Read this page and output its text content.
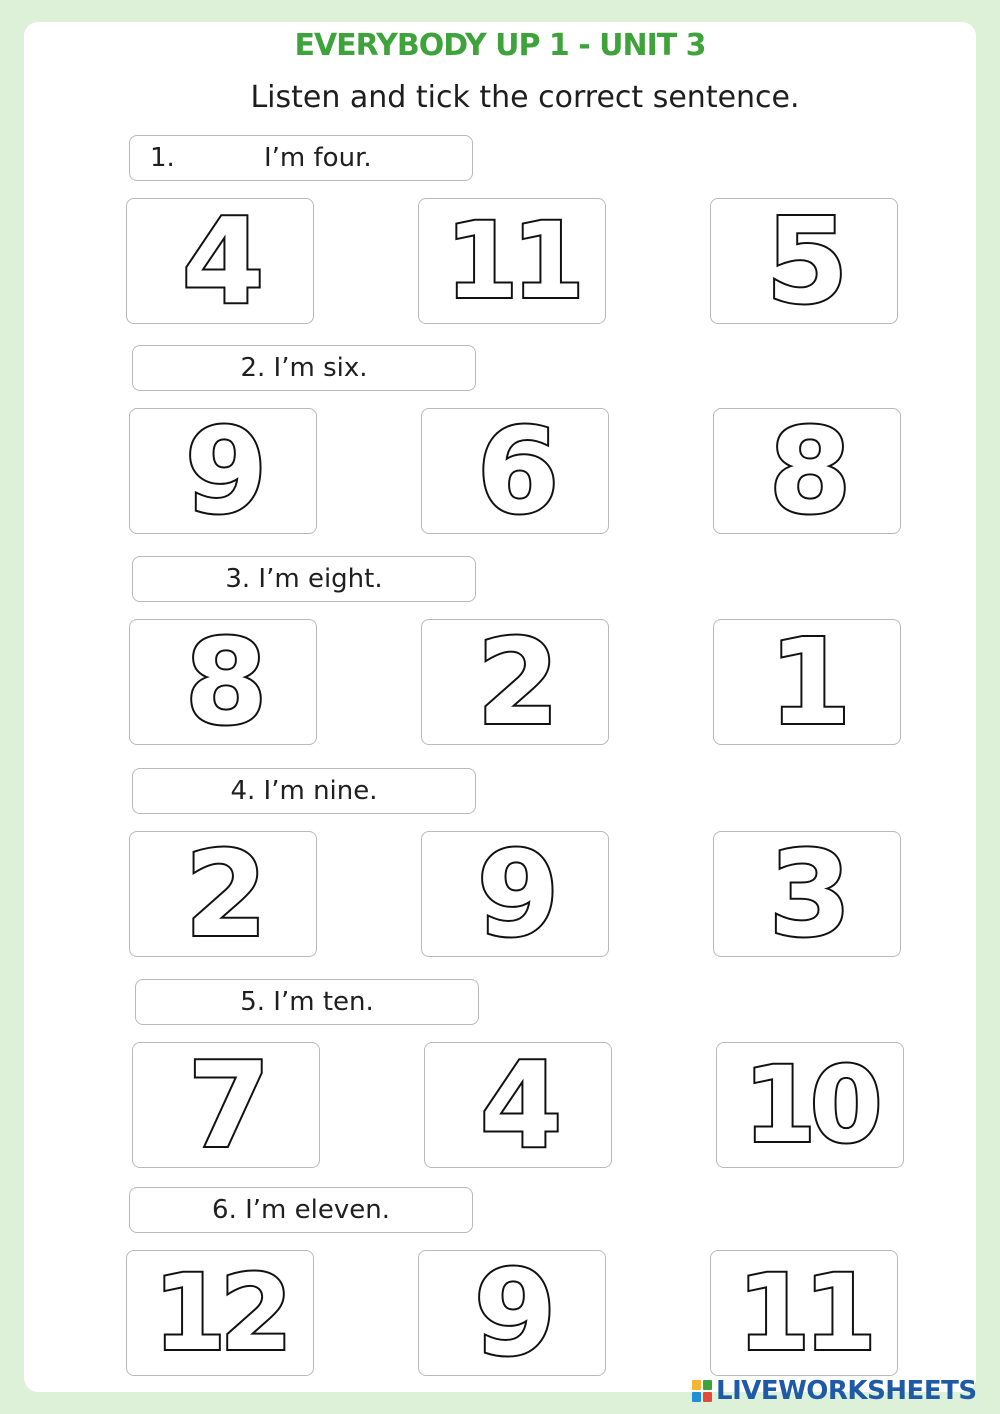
EVERYBODY UP 1 - UNIT 3
Listen and tick the correct sentence.
1.	I’m four.
4 11 5
2. I’m six.
9 6 8
3. I’m eight.
8 2 1
4. I’m nine.
2 9 3
5. I’m ten.
7 4 10
6. I’m eleven.
12 9 11
LIVEWORKSHEETS
